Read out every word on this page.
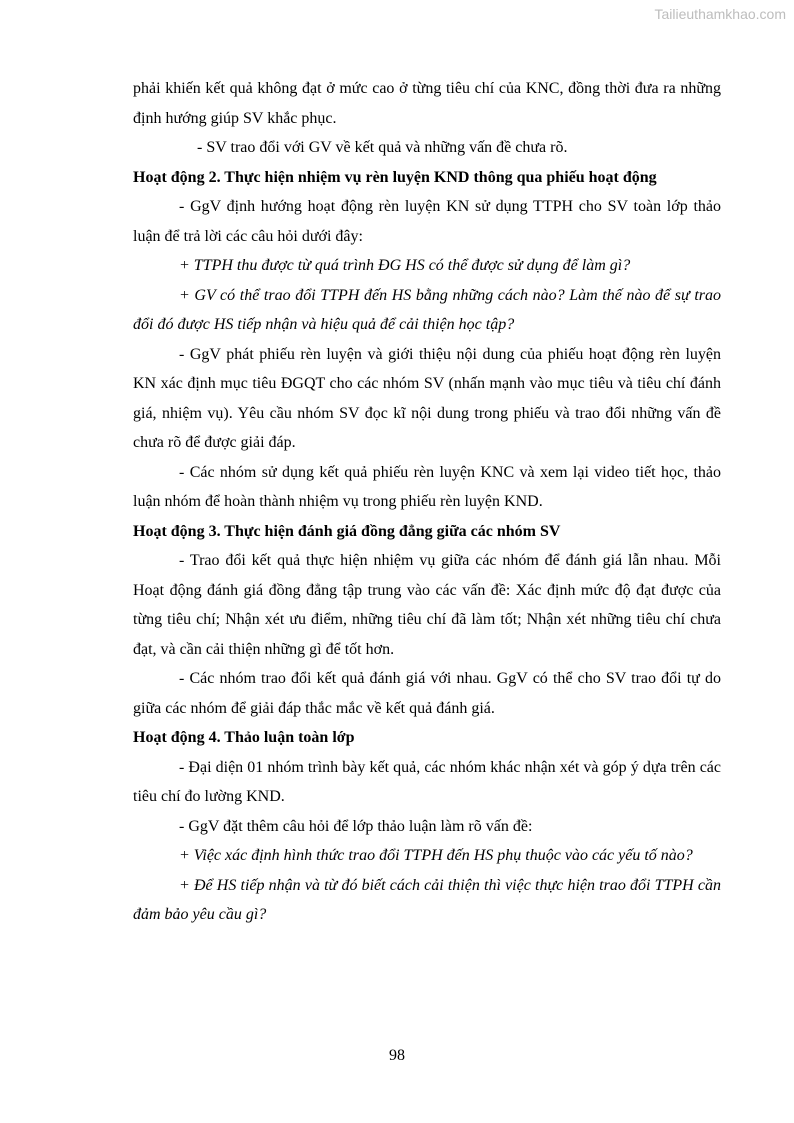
Tailieuthamkhao.com

phải khiến kết quả không đạt ở mức cao ở từng tiêu chí của KNC, đồng thời đưa ra những định hướng giúp SV khắc phục.

- SV trao đổi với GV về kết quả và những vấn đề chưa rõ.

Hoạt động 2. Thực hiện nhiệm vụ rèn luyện KND thông qua phiếu hoạt động

- GgV định hướng hoạt động rèn luyện KN sử dụng TTPH cho SV toàn lớp thảo luận để trả lời các câu hỏi dưới đây:

+ TTPH thu được từ quá trình ĐG HS có thể được sử dụng để làm gì?

+ GV có thể trao đổi TTPH đến HS bằng những cách nào? Làm thế nào để sự trao đổi đó được HS tiếp nhận và hiệu quả để cải thiện học tập?

- GgV phát phiếu rèn luyện và giới thiệu nội dung của phiếu hoạt động rèn luyện KN xác định mục tiêu ĐGQT cho các nhóm SV (nhấn mạnh vào mục tiêu và tiêu chí đánh giá, nhiệm vụ). Yêu cầu nhóm SV đọc kĩ nội dung trong phiếu và trao đổi những vấn đề chưa rõ để được giải đáp.

- Các nhóm sử dụng kết quả phiếu rèn luyện KNC và xem lại video tiết học, thảo luận nhóm để hoàn thành nhiệm vụ trong phiếu rèn luyện KND.

Hoạt động 3. Thực hiện đánh giá đồng đẳng giữa các nhóm SV

- Trao đổi kết quả thực hiện nhiệm vụ giữa các nhóm để đánh giá lẫn nhau. Mỗi Hoạt động đánh giá đồng đẳng tập trung vào các vấn đề: Xác định mức độ đạt được của từng tiêu chí; Nhận xét ưu điểm, những tiêu chí đã làm tốt; Nhận xét những tiêu chí chưa đạt, và cần cải thiện những gì để tốt hơn.

- Các nhóm trao đổi kết quả đánh giá với nhau. GgV có thể cho SV trao đổi tự do giữa các nhóm để giải đáp thắc mắc về kết quả đánh giá.

Hoạt động 4. Thảo luận toàn lớp

- Đại diện 01 nhóm trình bày kết quả, các nhóm khác nhận xét và góp ý dựa trên các tiêu chí đo lường KND.

- GgV đặt thêm câu hỏi để lớp thảo luận làm rõ vấn đề:

+ Việc xác định hình thức trao đổi TTPH đến HS phụ thuộc vào các yếu tố nào?

+ Để HS tiếp nhận và từ đó biết cách cải thiện thì việc thực hiện trao đổi TTPH cần đảm bảo yêu cầu gì?

98
